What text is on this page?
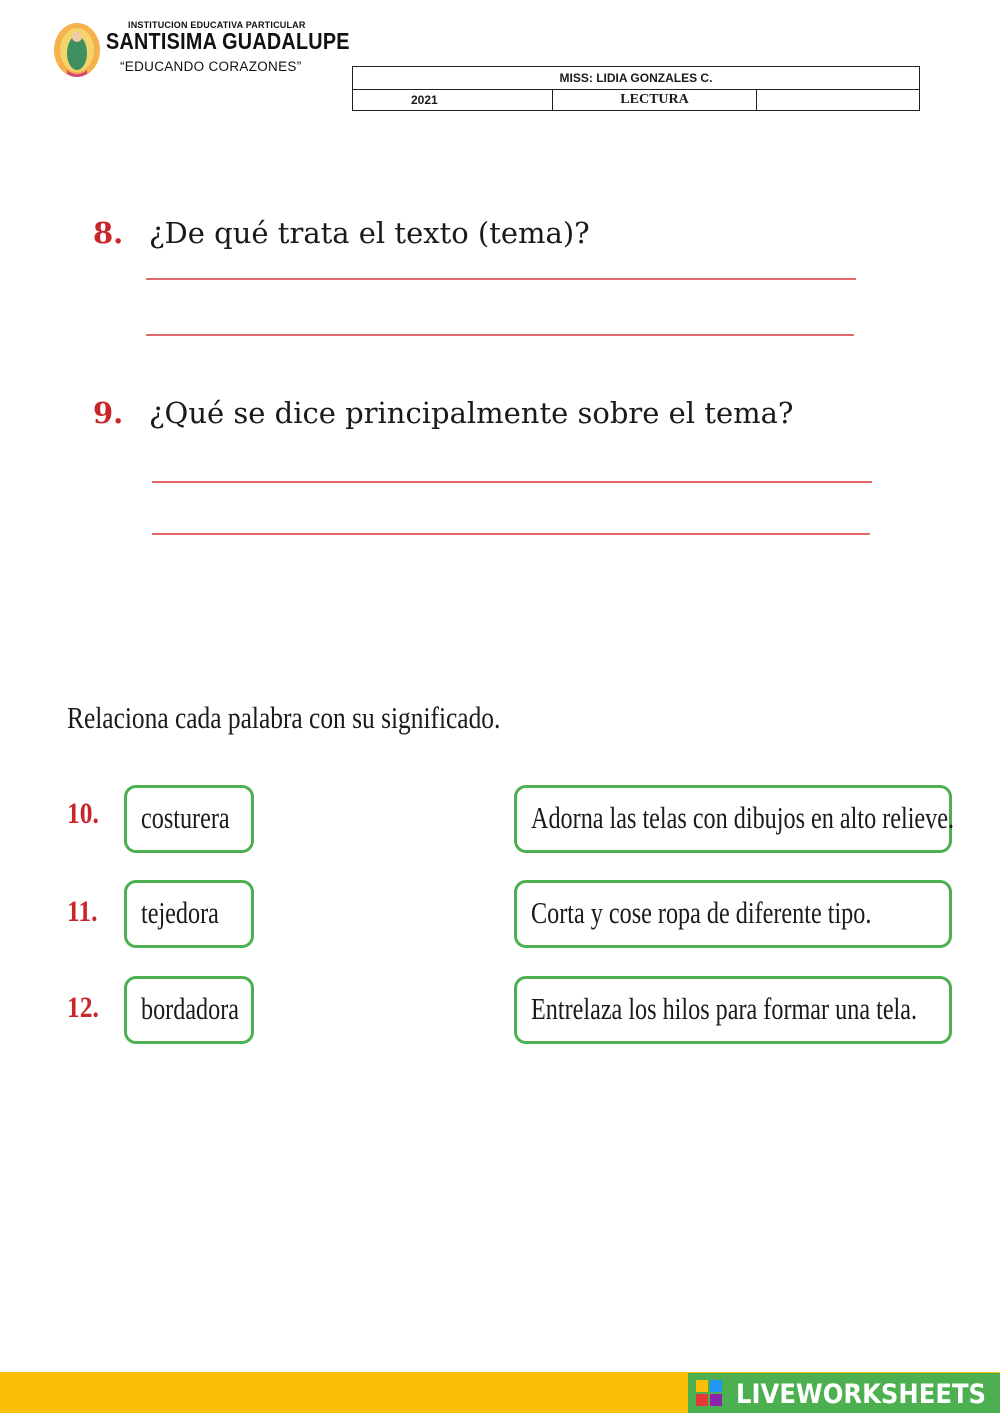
INSTITUCION EDUCATIVA PARTICULAR
SANTISIMA GUADALUPE
“EDUCANDO CORAZONES”
MISS: LIDIA GONZALES C.
2021	LECTURA	
8. ¿De qué trata el texto (tema)?
9. ¿Qué se dice principalmente sobre el tema?
Relaciona cada palabra con su significado.
10. costurera	Adorna las telas con dibujos en alto relieve.
11. tejedora	Corta y cose ropa de diferente tipo.
12. bordadora	Entrelaza los hilos para formar una tela.
LIVEWORKSHEETS
